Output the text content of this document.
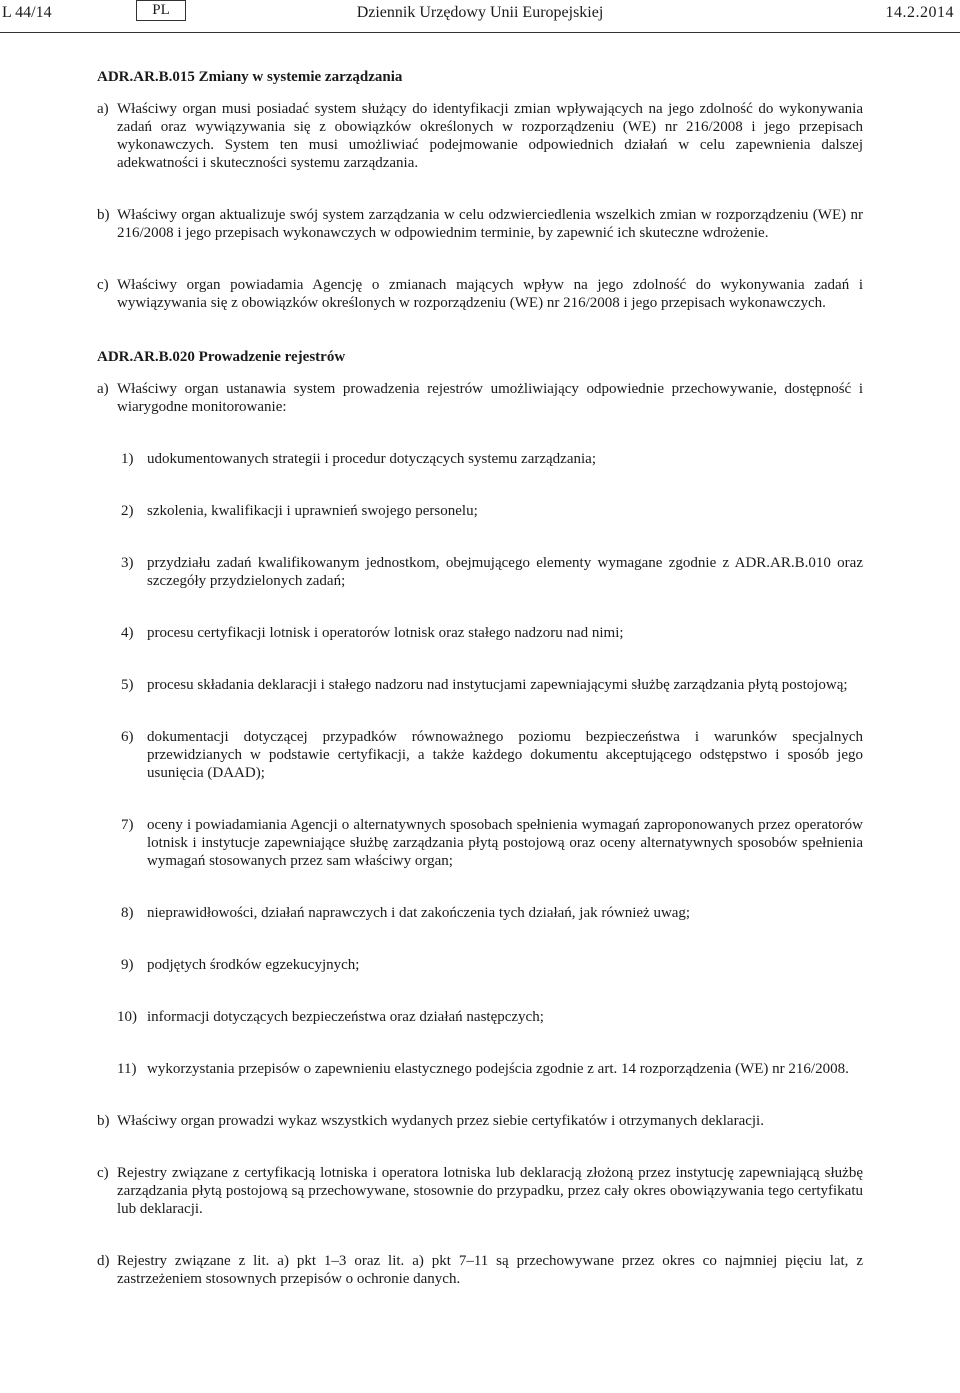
L 44/14	PL	Dziennik Urzędowy Unii Europejskiej	14.2.2014

ADR.AR.B.015 Zmiany w systemie zarządzania

a) Właściwy organ musi posiadać system służący do identyfikacji zmian wpływających na jego zdolność do wykonywania zadań oraz wywiązywania się z obowiązków określonych w rozporządzeniu (WE) nr 216/2008 i jego przepisach wykonawczych. System ten musi umożliwiać podejmowanie odpowiednich działań w celu zapewnienia dalszej adekwatności i skuteczności systemu zarządzania.

b) Właściwy organ aktualizuje swój system zarządzania w celu odzwierciedlenia wszelkich zmian w rozporządzeniu (WE) nr 216/2008 i jego przepisach wykonawczych w odpowiednim terminie, by zapewnić ich skuteczne wdrożenie.

c) Właściwy organ powiadamia Agencję o zmianach mających wpływ na jego zdolność do wykonywania zadań i wywiązywania się z obowiązków określonych w rozporządzeniu (WE) nr 216/2008 i jego przepisach wykonawczych.

ADR.AR.B.020 Prowadzenie rejestrów

a) Właściwy organ ustanawia system prowadzenia rejestrów umożliwiający odpowiednie przechowywanie, dostępność i wiarygodne monitorowanie:

1) udokumentowanych strategii i procedur dotyczących systemu zarządzania;

2) szkolenia, kwalifikacji i uprawnień swojego personelu;

3) przydziału zadań kwalifikowanym jednostkom, obejmującego elementy wymagane zgodnie z ADR.AR.B.010 oraz szczegóły przydzielonych zadań;

4) procesu certyfikacji lotnisk i operatorów lotnisk oraz stałego nadzoru nad nimi;

5) procesu składania deklaracji i stałego nadzoru nad instytucjami zapewniającymi służbę zarządzania płytą postojową;

6) dokumentacji dotyczącej przypadków równoważnego poziomu bezpieczeństwa i warunków specjalnych przewidzianych w podstawie certyfikacji, a także każdego dokumentu akceptującego odstępstwo i sposób jego usunięcia (DAAD);

7) oceny i powiadamiania Agencji o alternatywnych sposobach spełnienia wymagań zaproponowanych przez operatorów lotnisk i instytucje zapewniające służbę zarządzania płytą postojową oraz oceny alternatywnych sposobów spełnienia wymagań stosowanych przez sam właściwy organ;

8) nieprawidłowości, działań naprawczych i dat zakończenia tych działań, jak również uwag;

9) podjętych środków egzekucyjnych;

10) informacji dotyczących bezpieczeństwa oraz działań następczych;

11) wykorzystania przepisów o zapewnieniu elastycznego podejścia zgodnie z art. 14 rozporządzenia (WE) nr 216/2008.

b) Właściwy organ prowadzi wykaz wszystkich wydanych przez siebie certyfikatów i otrzymanych deklaracji.

c) Rejestry związane z certyfikacją lotniska i operatora lotniska lub deklaracją złożoną przez instytucję zapewniającą służbę zarządzania płytą postojową są przechowywane, stosownie do przypadku, przez cały okres obowiązywania tego certyfikatu lub deklaracji.

d) Rejestry związane z lit. a) pkt 1–3 oraz lit. a) pkt 7–11 są przechowywane przez okres co najmniej pięciu lat, z zastrzeżeniem stosownych przepisów o ochronie danych.
